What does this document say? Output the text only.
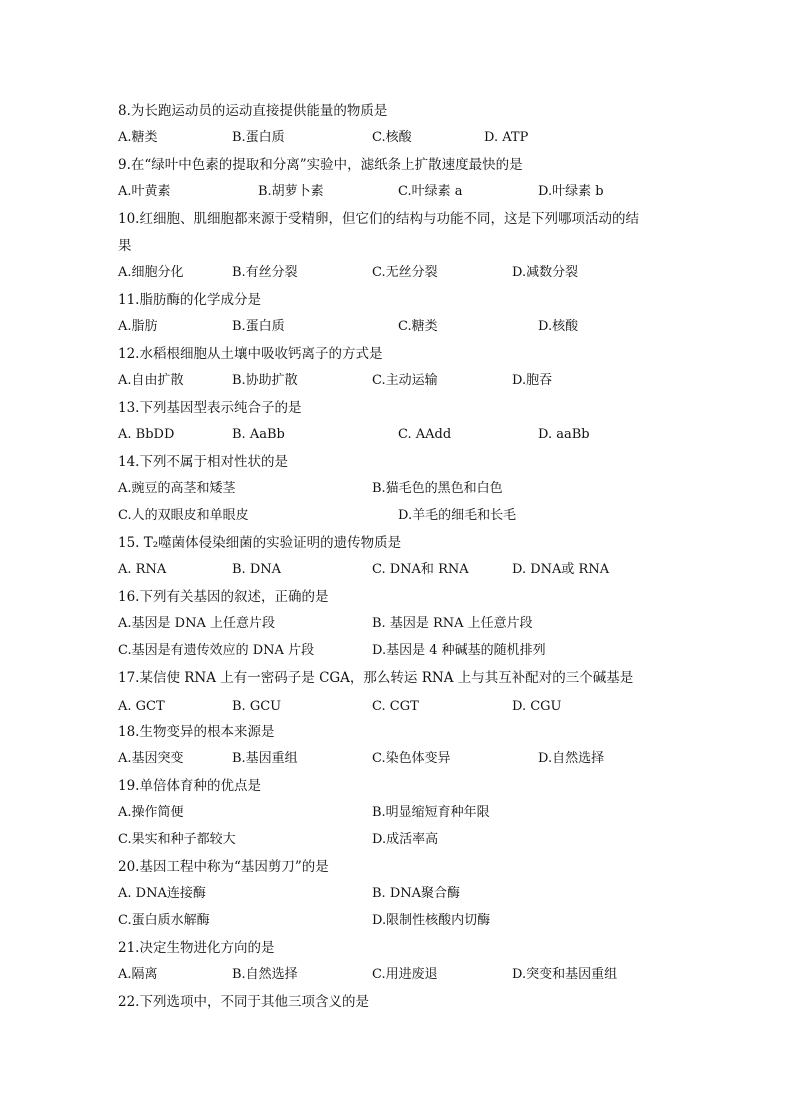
8.为长跑运动员的运动直接提供能量的物质是
A.糖类	B.蛋白质	C.核酸	D. ATP
9.在“绿叶中色素的提取和分离”实验中，滤纸条上扩散速度最快的是
A.叶黄素	B.胡萝卜素	C.叶绿素 a	D.叶绿素 b
10.红细胞、肌细胞都来源于受精卵，但它们的结构与功能不同，这是下列哪项活动的结
果
A.细胞分化	B.有丝分裂	C.无丝分裂	D.减数分裂
11.脂肪酶的化学成分是
A.脂肪	B.蛋白质	C.糖类	D.核酸
12.水稻根细胞从土壤中吸收钙离子的方式是
A.自由扩散	B.协助扩散	C.主动运输	D.胞吞
13.下列基因型表示纯合子的是
A. BbDD	B. AaBb	C. AAdd	D. aaBb
14.下列不属于相对性状的是
A.豌豆的高茎和矮茎	B.猫毛色的黑色和白色
C.人的双眼皮和单眼皮	D.羊毛的细毛和长毛
15. T₂噬菌体侵染细菌的实验证明的遗传物质是
A. RNA	B. DNA	C. DNA和 RNA	D. DNA或 RNA
16.下列有关基因的叙述，正确的是
A.基因是 DNA 上任意片段	B. 基因是 RNA 上任意片段
C.基因是有遗传效应的 DNA 片段	D.基因是 4 种碱基的随机排列
17.某信使 RNA 上有一密码子是 CGA，那么转运 RNA 上与其互补配对的三个碱基是
A. GCT	B. GCU	C. CGT	D. CGU
18.生物变异的根本来源是
A.基因突变	B.基因重组	C.染色体变异	D.自然选择
19.单倍体育种的优点是
A.操作简便	B.明显缩短育种年限
C.果实和种子都较大	D.成活率高
20.基因工程中称为“基因剪刀”的是
A. DNA连接酶	B. DNA聚合酶
C.蛋白质水解酶	D.限制性核酸内切酶
21.决定生物进化方向的是
A.隔离	B.自然选择	C.用进废退	D.突变和基因重组
22.下列选项中，不同于其他三项含义的是
